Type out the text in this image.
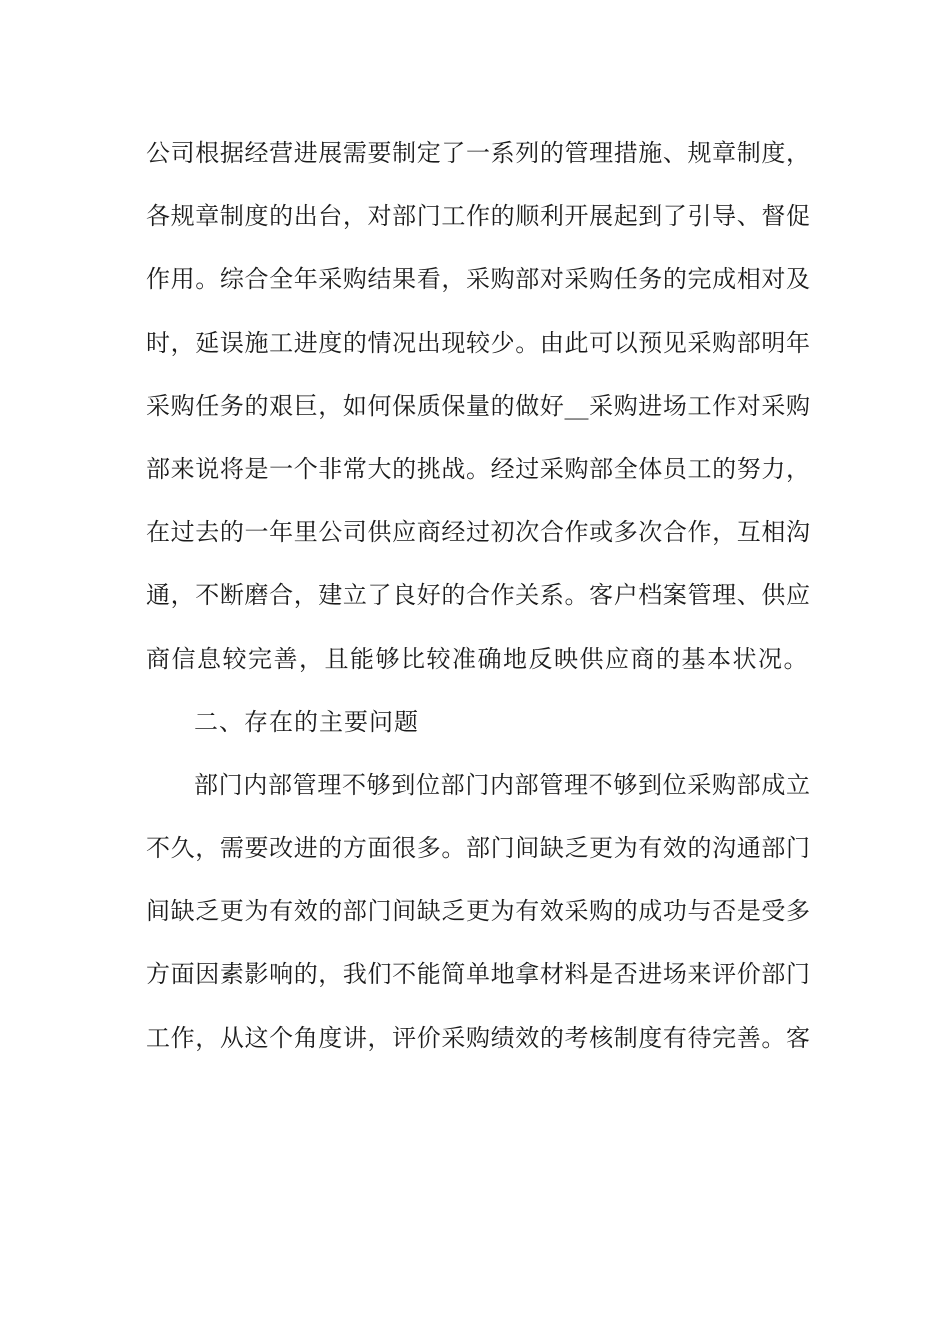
公司根据经营进展需要制定了一系列的管理措施、规章制度，
各规章制度的出台，对部门工作的顺利开展起到了引导、督促
作用。综合全年采购结果看，采购部对采购任务的完成相对及
时，延误施工进度的情况出现较少。由此可以预见采购部明年
采购任务的艰巨，如何保质保量的做好__采购进场工作对采购
部来说将是一个非常大的挑战。经过采购部全体员工的努力，
在过去的一年里公司供应商经过初次合作或多次合作，互相沟
通，不断磨合，建立了良好的合作关系。客户档案管理、供应
商信息较完善，且能够比较准确地反映供应商的基本状况。
二、存在的主要问题
部门内部管理不够到位部门内部管理不够到位采购部成立
不久，需要改进的方面很多。部门间缺乏更为有效的沟通部门
间缺乏更为有效的部门间缺乏更为有效采购的成功与否是受多
方面因素影响的，我们不能简单地拿材料是否进场来评价部门
工作，从这个角度讲，评价采购绩效的考核制度有待完善。客
